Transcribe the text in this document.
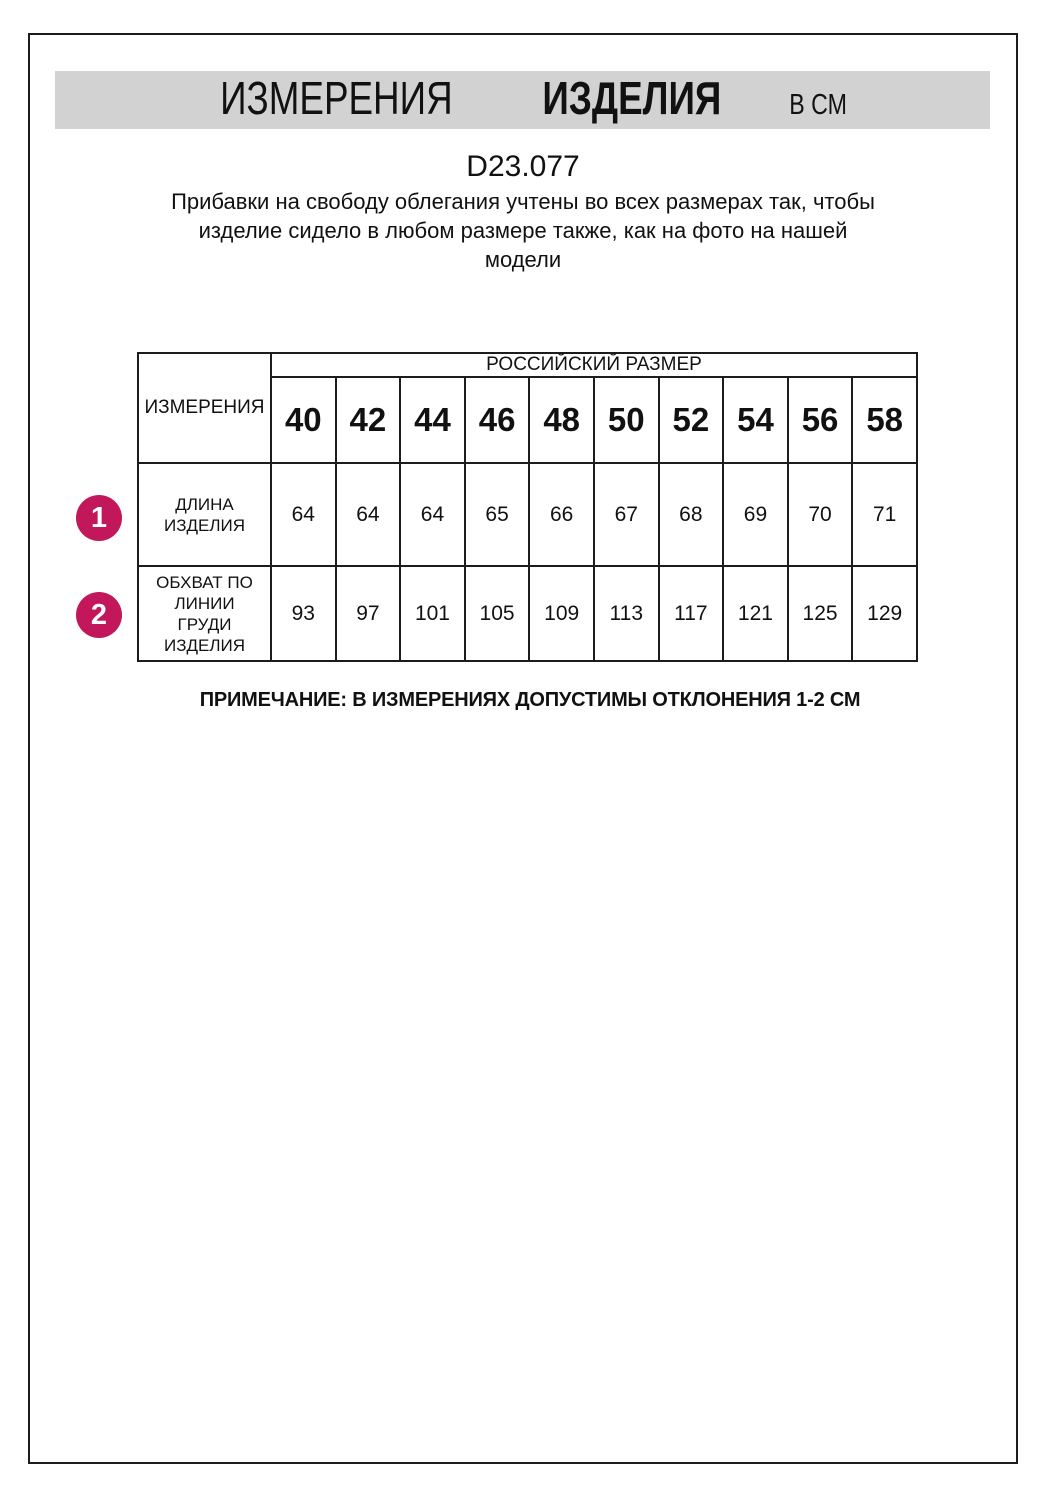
ИЗМЕРЕНИЯ ИЗДЕЛИЯ В СМ
D23.077
Прибавки на свободу облегания учтены во всех размерах так, чтобы
изделие сидело в любом размере также, как на фото на нашей
модели
ИЗМЕРЕНИЯ	РОССИЙСКИЙ РАЗМЕР									
	40	42	44	46	48	50	52	54	56	58

ДЛИНА
ИЗДЕЛИЯ	64	64	64	65	66	67	68	69	70	71

ОБХВАТ ПО
ЛИНИИ
ГРУДИ
ИЗДЕЛИЯ	93	97	101	105	109	113	117	121	125	129
ПРИМЕЧАНИЕ: В ИЗМЕРЕНИЯХ ДОПУСТИМЫ ОТКЛОНЕНИЯ 1-2 СМ
1
2
